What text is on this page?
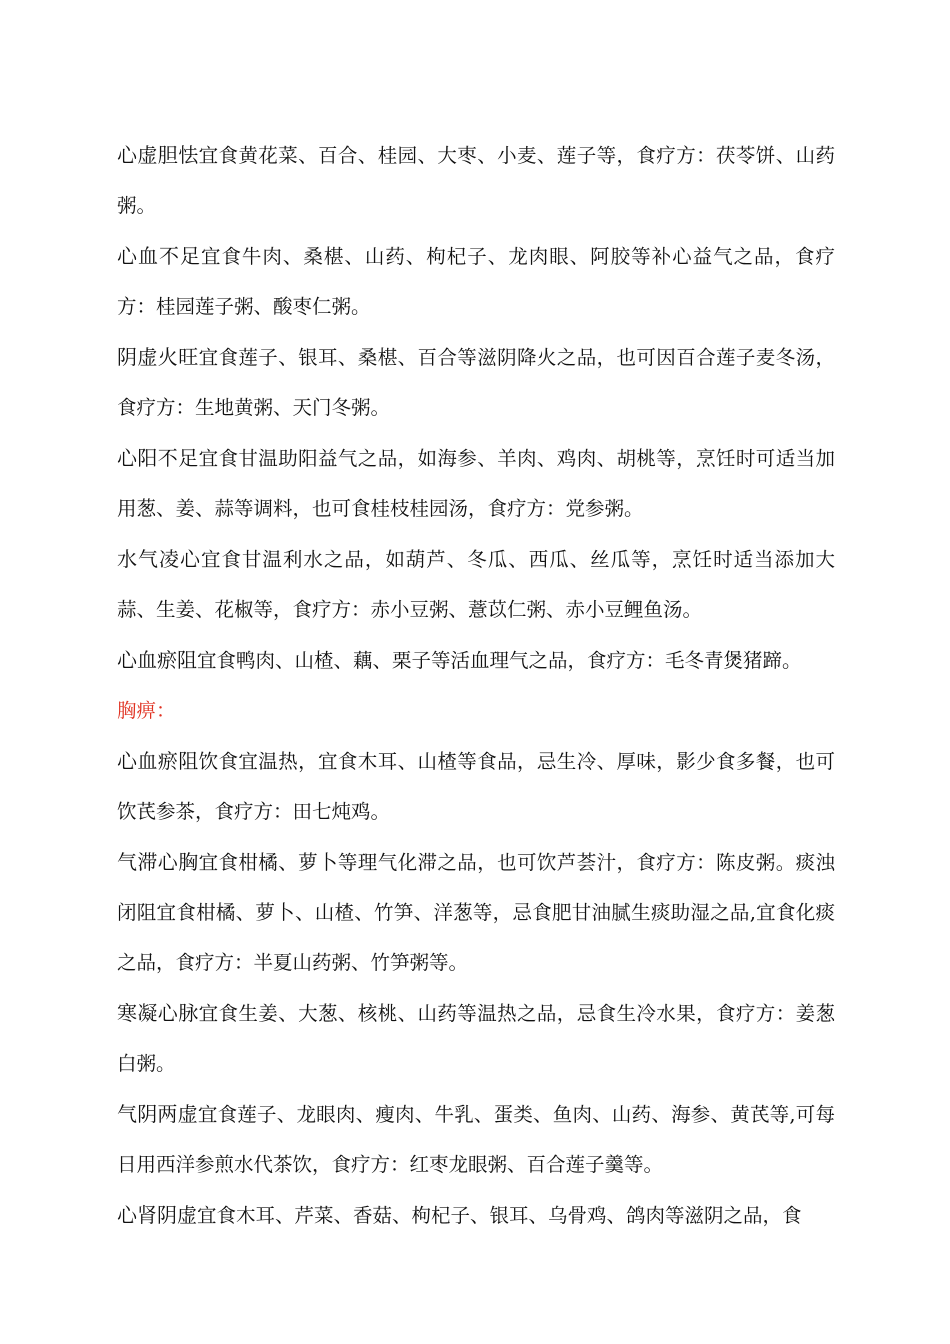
心虚胆怯宜食黄花菜、百合、桂园、大枣、小麦、莲子等，食疗方：茯苓饼、山药粥。

心血不足宜食牛肉、桑椹、山药、枸杞子、龙肉眼、阿胶等补心益气之品，食疗方：桂园莲子粥、酸枣仁粥。

阴虚火旺宜食莲子、银耳、桑椹、百合等滋阴降火之品，也可因百合莲子麦冬汤，食疗方：生地黄粥、天门冬粥。

心阳不足宜食甘温助阳益气之品，如海参、羊肉、鸡肉、胡桃等，烹饪时可适当加用葱、姜、蒜等调料，也可食桂枝桂园汤，食疗方：党参粥。

水气凌心宜食甘温利水之品，如葫芦、冬瓜、西瓜、丝瓜等，烹饪时适当添加大蒜、生姜、花椒等，食疗方：赤小豆粥、薏苡仁粥、赤小豆鲤鱼汤。

心血瘀阻宜食鸭肉、山楂、藕、栗子等活血理气之品，食疗方：毛冬青煲猪蹄。

胸痹：

心血瘀阻饮食宜温热，宜食木耳、山楂等食品，忌生冷、厚味，影少食多餐，也可饮芪参茶，食疗方：田七炖鸡。

气滞心胸宜食柑橘、萝卜等理气化滞之品，也可饮芦荟汁，食疗方：陈皮粥。痰浊闭阻宜食柑橘、萝卜、山楂、竹笋、洋葱等，忌食肥甘油腻生痰助湿之品,宜食化痰之品，食疗方：半夏山药粥、竹笋粥等。

寒凝心脉宜食生姜、大葱、核桃、山药等温热之品，忌食生冷水果，食疗方：姜葱白粥。

气阴两虚宜食莲子、龙眼肉、瘦肉、牛乳、蛋类、鱼肉、山药、海参、黄芪等,可每日用西洋参煎水代茶饮，食疗方：红枣龙眼粥、百合莲子羹等。

心肾阴虚宜食木耳、芹菜、香菇、枸杞子、银耳、乌骨鸡、鸽肉等滋阴之品，食
